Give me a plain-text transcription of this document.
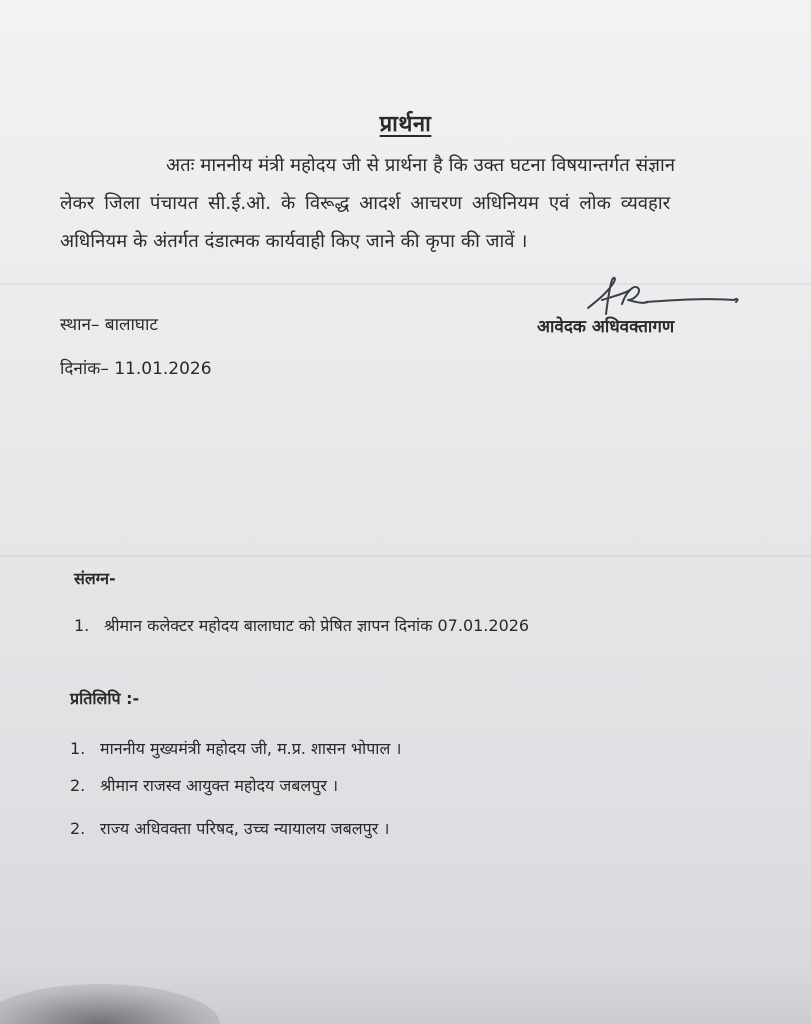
प्रार्थना
अतः माननीय मंत्री महोदय जी से प्रार्थना है कि उक्त घटना विषयान्तर्गत संज्ञान
लेकर जिला पंचायत सी.ई.ओ. के विरूद्ध आदर्श आचरण अधिनियम एवं लोक व्यवहार
अधिनियम के अंतर्गत दंडात्मक कार्यवाही किए जाने की कृपा की जावें ।
स्थान– बालाघाट
दिनांक– 11.01.2026
आवेदक अधिवक्तागण
संलग्न-
1. श्रीमान कलेक्टर महोदय बालाघाट को प्रेषित ज्ञापन दिनांक 07.01.2026
प्रतिलिपि :-
1. माननीय मुख्यमंत्री महोदय जी, म.प्र. शासन भोपाल ।
2. श्रीमान राजस्व आयुक्त महोदय जबलपुर ।
2. राज्य अधिवक्ता परिषद, उच्च न्यायालय जबलपुर ।
